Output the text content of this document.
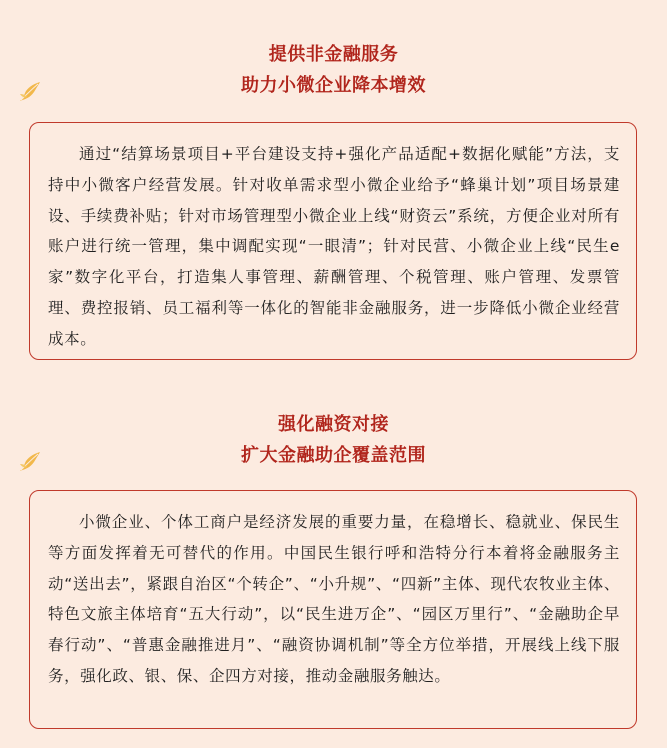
提供非金融服务
助力小微企业降本增效

通过“结算场景项目+平台建设支持+强化产品适配+数据化赋能”方法，支持中小微客户经营发展。针对收单需求型小微企业给予“蜂巢计划”项目场景建设、手续费补贴；针对市场管理型小微企业上线“财资云”系统，方便企业对所有账户进行统一管理，集中调配实现“一眼清”；针对民营、小微企业上线“民生e家”数字化平台，打造集人事管理、薪酬管理、个税管理、账户管理、发票管理、费控报销、员工福利等一体化的智能非金融服务，进一步降低小微企业经营成本。

强化融资对接
扩大金融助企覆盖范围

小微企业、个体工商户是经济发展的重要力量，在稳增长、稳就业、保民生等方面发挥着无可替代的作用。中国民生银行呼和浩特分行本着将金融服务主动“送出去”，紧跟自治区“个转企”、“小升规”、“四新”主体、现代农牧业主体、特色文旅主体培育“五大行动”，以“民生进万企”、“园区万里行”、“金融助企早春行动”、“普惠金融推进月”、“融资协调机制”等全方位举措，开展线上线下服务，强化政、银、保、企四方对接，推动金融服务触达。
